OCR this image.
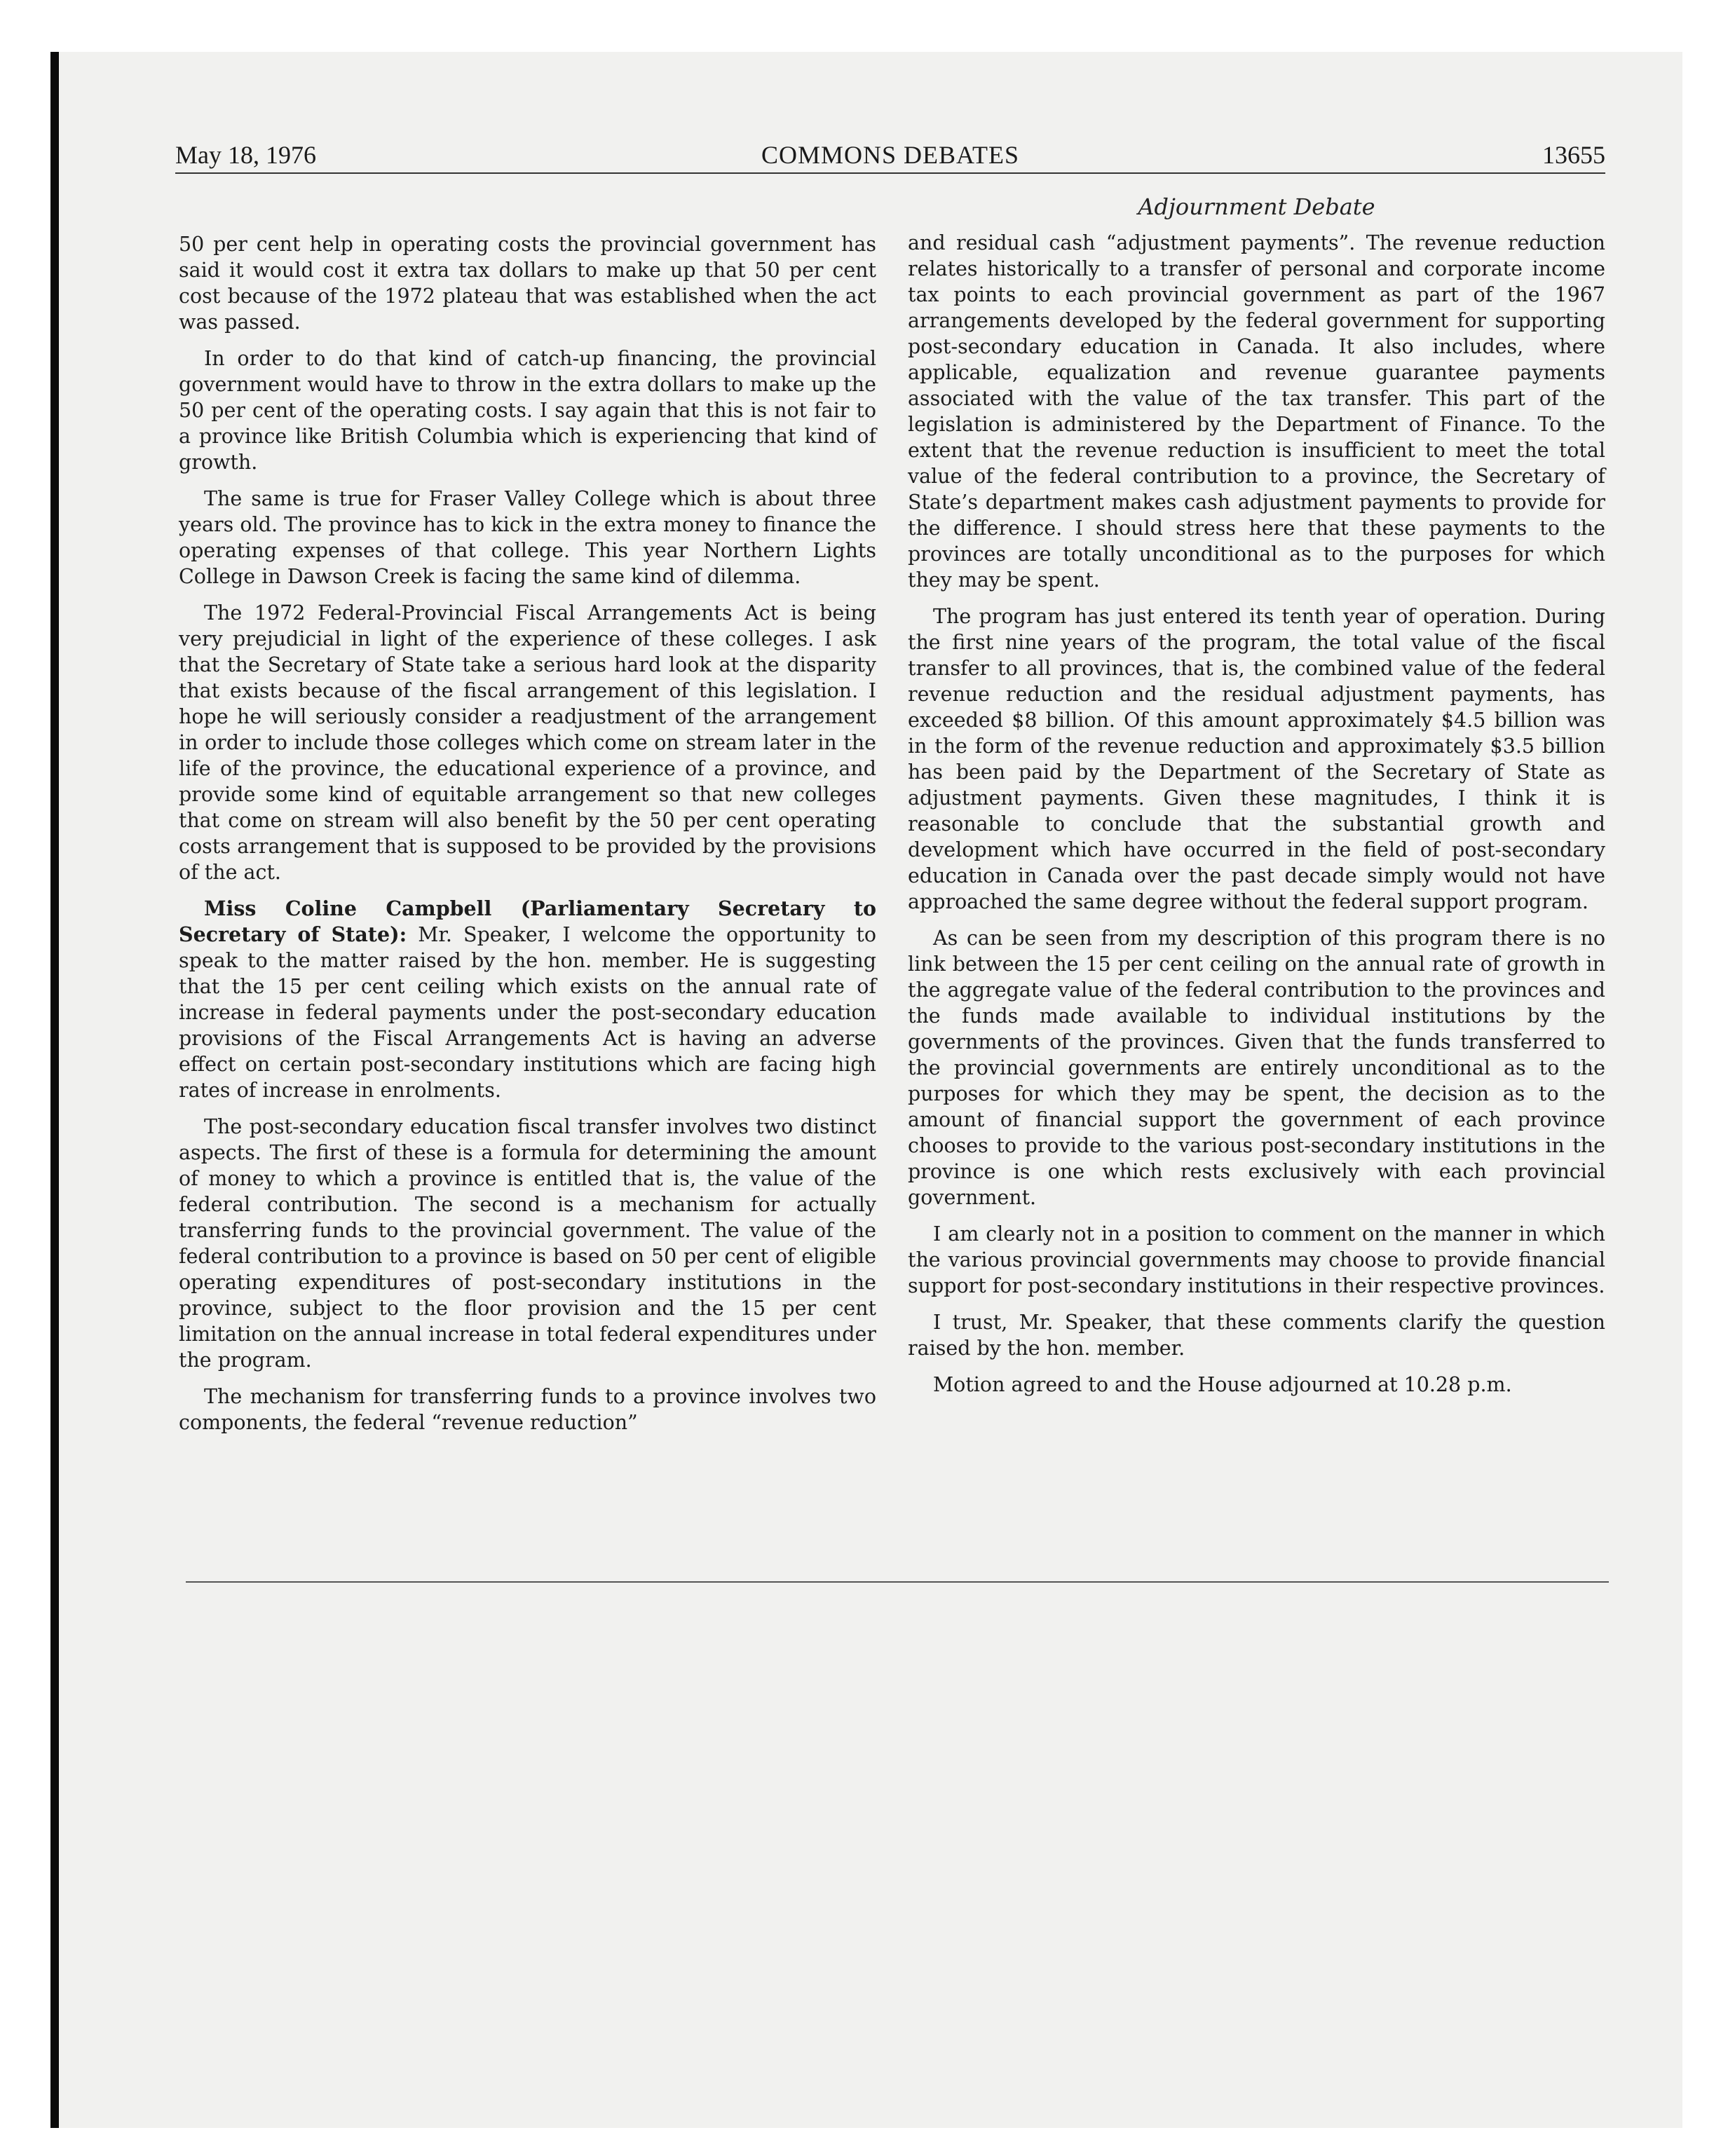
May 18, 1976	COMMONS DEBATES	13655
Adjournment Debate

50 per cent help in operating costs the provincial government has said it would cost it extra tax dollars to make up that 50 per cent cost because of the 1972 plateau that was established when the act was passed.

In order to do that kind of catch-up financing, the provincial government would have to throw in the extra dollars to make up the 50 per cent of the operating costs. I say again that this is not fair to a province like British Columbia which is experiencing that kind of growth.

The same is true for Fraser Valley College which is about three years old. The province has to kick in the extra money to finance the operating expenses of that college. This year Northern Lights College in Dawson Creek is facing the same kind of dilemma.

The 1972 Federal-Provincial Fiscal Arrangements Act is being very prejudicial in light of the experience of these colleges. I ask that the Secretary of State take a serious hard look at the disparity that exists because of the fiscal arrangement of this legislation. I hope he will seriously consider a readjustment of the arrangement in order to include those colleges which come on stream later in the life of the province, the educational experience of a province, and provide some kind of equitable arrangement so that new colleges that come on stream will also benefit by the 50 per cent operating costs arrangement that is supposed to be provided by the provisions of the act.

Miss Coline Campbell (Parliamentary Secretary to Secretary of State): Mr. Speaker, I welcome the opportunity to speak to the matter raised by the hon. member. He is suggesting that the 15 per cent ceiling which exists on the annual rate of increase in federal payments under the post-secondary education provisions of the Fiscal Arrangements Act is having an adverse effect on certain post-secondary institutions which are facing high rates of increase in enrolments.

The post-secondary education fiscal transfer involves two distinct aspects. The first of these is a formula for determining the amount of money to which a province is entitled that is, the value of the federal contribution. The second is a mechanism for actually transferring funds to the provincial government. The value of the federal contribution to a province is based on 50 per cent of eligible operating expenditures of post-secondary institutions in the province, subject to the floor provision and the 15 per cent limitation on the annual increase in total federal expenditures under the program.

The mechanism for transferring funds to a province involves two components, the federal “revenue reduction”

and residual cash “adjustment payments”. The revenue reduction relates historically to a transfer of personal and corporate income tax points to each provincial government as part of the 1967 arrangements developed by the federal government for supporting post-secondary education in Canada. It also includes, where applicable, equalization and revenue guarantee payments associated with the value of the tax transfer. This part of the legislation is administered by the Department of Finance. To the extent that the revenue reduction is insufficient to meet the total value of the federal contribution to a province, the Secretary of State’s department makes cash adjustment payments to provide for the difference. I should stress here that these payments to the provinces are totally unconditional as to the purposes for which they may be spent.

The program has just entered its tenth year of operation. During the first nine years of the program, the total value of the fiscal transfer to all provinces, that is, the combined value of the federal revenue reduction and the residual adjustment payments, has exceeded $8 billion. Of this amount approximately $4.5 billion was in the form of the revenue reduction and approximately $3.5 billion has been paid by the Department of the Secretary of State as adjustment payments. Given these magnitudes, I think it is reasonable to conclude that the substantial growth and development which have occurred in the field of post-secondary education in Canada over the past decade simply would not have approached the same degree without the federal support program.

As can be seen from my description of this program there is no link between the 15 per cent ceiling on the annual rate of growth in the aggregate value of the federal contribution to the provinces and the funds made available to individual institutions by the governments of the provinces. Given that the funds transferred to the provincial governments are entirely unconditional as to the purposes for which they may be spent, the decision as to the amount of financial support the government of each province chooses to provide to the various post-secondary institutions in the province is one which rests exclusively with each provincial government.

I am clearly not in a position to comment on the manner in which the various provincial governments may choose to provide financial support for post-secondary institutions in their respective provinces.

I trust, Mr. Speaker, that these comments clarify the question raised by the hon. member.

Motion agreed to and the House adjourned at 10.28 p.m.
